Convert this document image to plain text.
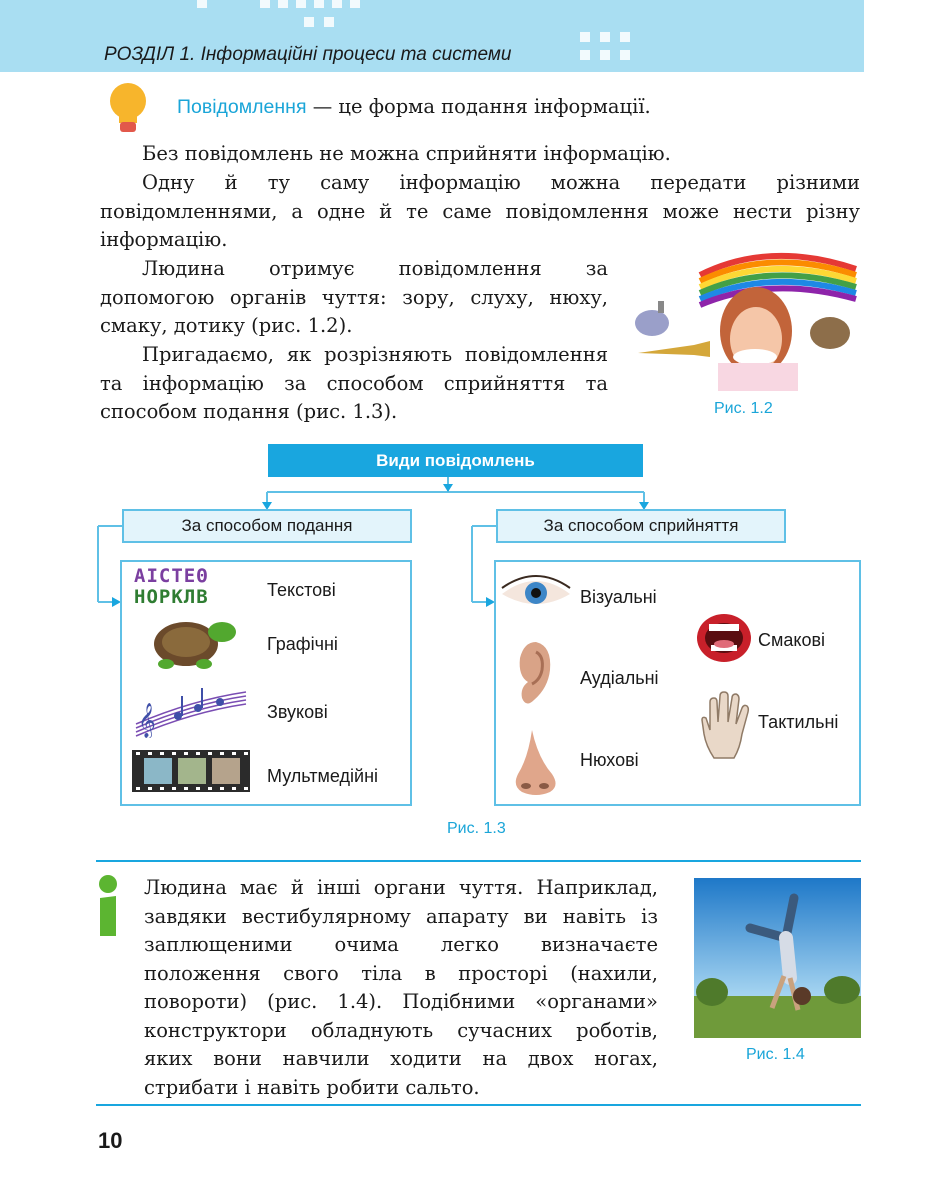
РОЗДІЛ 1. Інформаційні процеси та системи
Повідомлення — це форма подання інформації.
Без повідомлень не можна сприйняти інформацію.
Одну й ту саму інформацію можна передати різними повідомленнями, а одне й те саме повідомлення може нести різну інформацію.
Людина отримує повідомлення за допомогою органів чуття: зору, слуху, нюху, смаку, дотику (рис. 1.2).
Пригадаємо, як розрізняють повідомлення та інформацію за способом сприйняття та способом подання (рис. 1.3).	Рис. 1.2
Види повідомлень
За способом подання	За способом сприйняття
AICTEΘ
HOPKЛB	Текстові
Графічні
𝄞	Звукові
Мультмедійні
Візуальні
Аудіальні
Нюхові
Смакові
Тактильні
Рис. 1.3
Людина має й інші органи чуття. Наприклад, завдяки вестибулярному апарату ви навіть із заплющеними очима легко визначаєте положення свого тіла в просторі (нахили, повороти) (рис. 1.4). Подібними «органами» конструктори обладнують сучасних роботів, яких вони навчили ходити на двох ногах, стрибати і навіть робити сальто.
Рис. 1.4
10
